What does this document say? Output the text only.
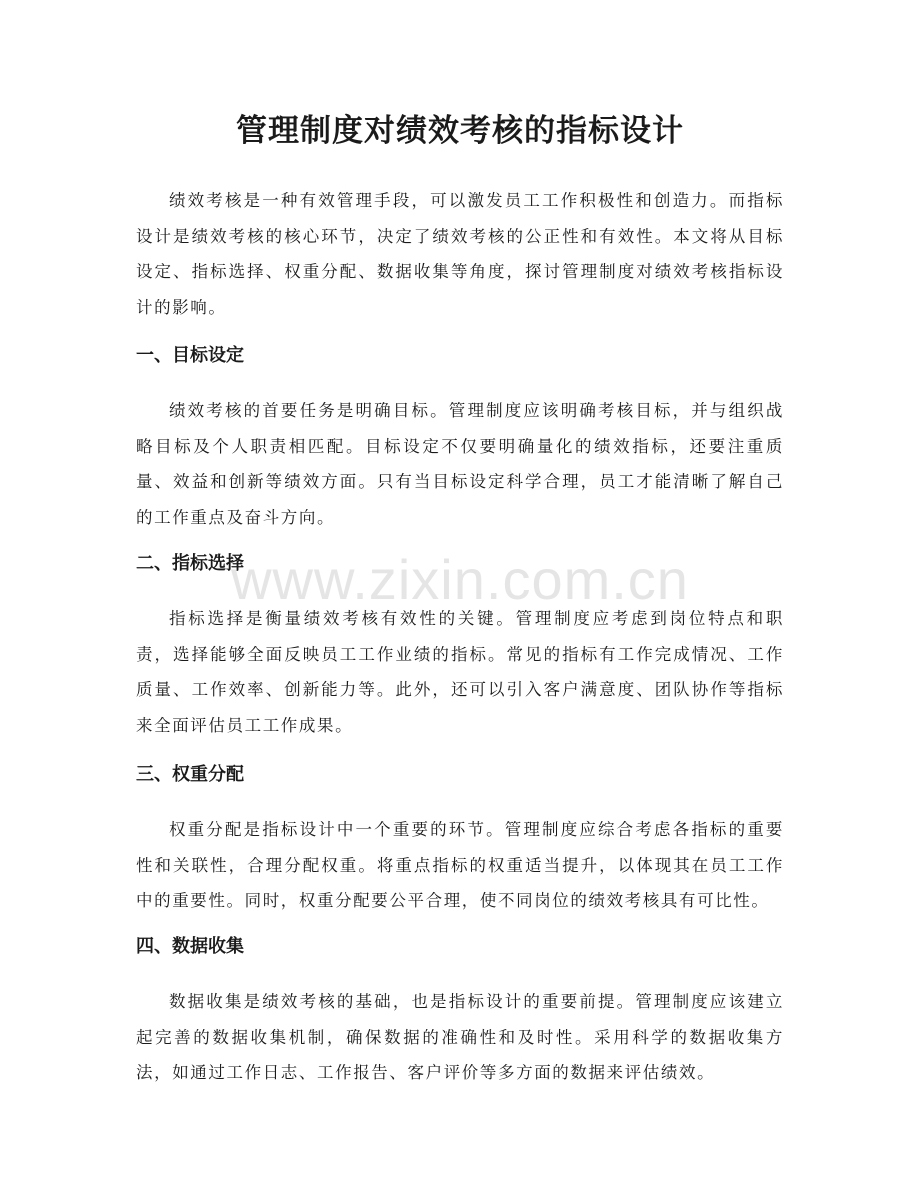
管理制度对绩效考核的指标设计

绩效考核是一种有效管理手段，可以激发员工工作积极性和创造力。而指标设计是绩效考核的核心环节，决定了绩效考核的公正性和有效性。本文将从目标设定、指标选择、权重分配、数据收集等角度，探讨管理制度对绩效考核指标设计的影响。

一、目标设定

绩效考核的首要任务是明确目标。管理制度应该明确考核目标，并与组织战略目标及个人职责相匹配。目标设定不仅要明确量化的绩效指标，还要注重质量、效益和创新等绩效方面。只有当目标设定科学合理，员工才能清晰了解自己的工作重点及奋斗方向。

二、指标选择

指标选择是衡量绩效考核有效性的关键。管理制度应考虑到岗位特点和职责，选择能够全面反映员工工作业绩的指标。常见的指标有工作完成情况、工作质量、工作效率、创新能力等。此外，还可以引入客户满意度、团队协作等指标来全面评估员工工作成果。

三、权重分配

权重分配是指标设计中一个重要的环节。管理制度应综合考虑各指标的重要性和关联性，合理分配权重。将重点指标的权重适当提升，以体现其在员工工作中的重要性。同时，权重分配要公平合理，使不同岗位的绩效考核具有可比性。

四、数据收集

数据收集是绩效考核的基础，也是指标设计的重要前提。管理制度应该建立起完善的数据收集机制，确保数据的准确性和及时性。采用科学的数据收集方法，如通过工作日志、工作报告、客户评价等多方面的数据来评估绩效。

www.zixin.com.cn
